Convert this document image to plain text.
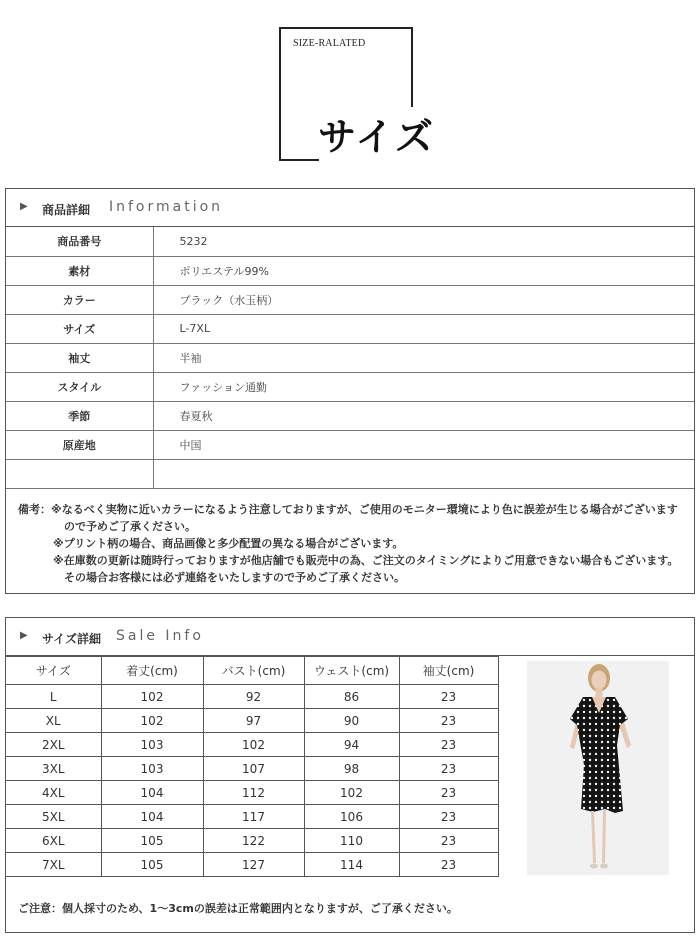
SIZE-RALATED
サイズ
▶ 商品詳細 Information
商品番号	5232
素材	ポリエステル99%
カラー	ブラック（水玉柄）
サイズ	L-7XL
袖丈	半袖
スタイル	ファッション通勤
季節	春夏秋
原産地	中国

備考：※なるべく実物に近いカラーになるよう注意しておりますが、ご使用のモニター環境により色に誤差が生じる場合がございます
ので予めご了承ください。
※プリント柄の場合、商品画像と多少配置の異なる場合がございます。
※在庫数の更新は随時行っておりますが他店舗でも販売中の為、ご注文のタイミングによりご用意できない場合もございます。
その場合お客様には必ず連絡をいたしますので予めご了承ください。
▶ サイズ詳細 Sale Info
サイズ	着丈(cm)	バスト(cm)	ウェスト(cm)	袖丈(cm)
L	102	92	86	23
XL	102	97	90	23
2XL	103	102	94	23
3XL	103	107	98	23
4XL	104	112	102	23
5XL	104	117	106	23
6XL	105	122	110	23
7XL	105	127	114	23
ご注意：個人採寸のため、1～3cmの誤差は正常範囲内となりますが、ご了承ください。
